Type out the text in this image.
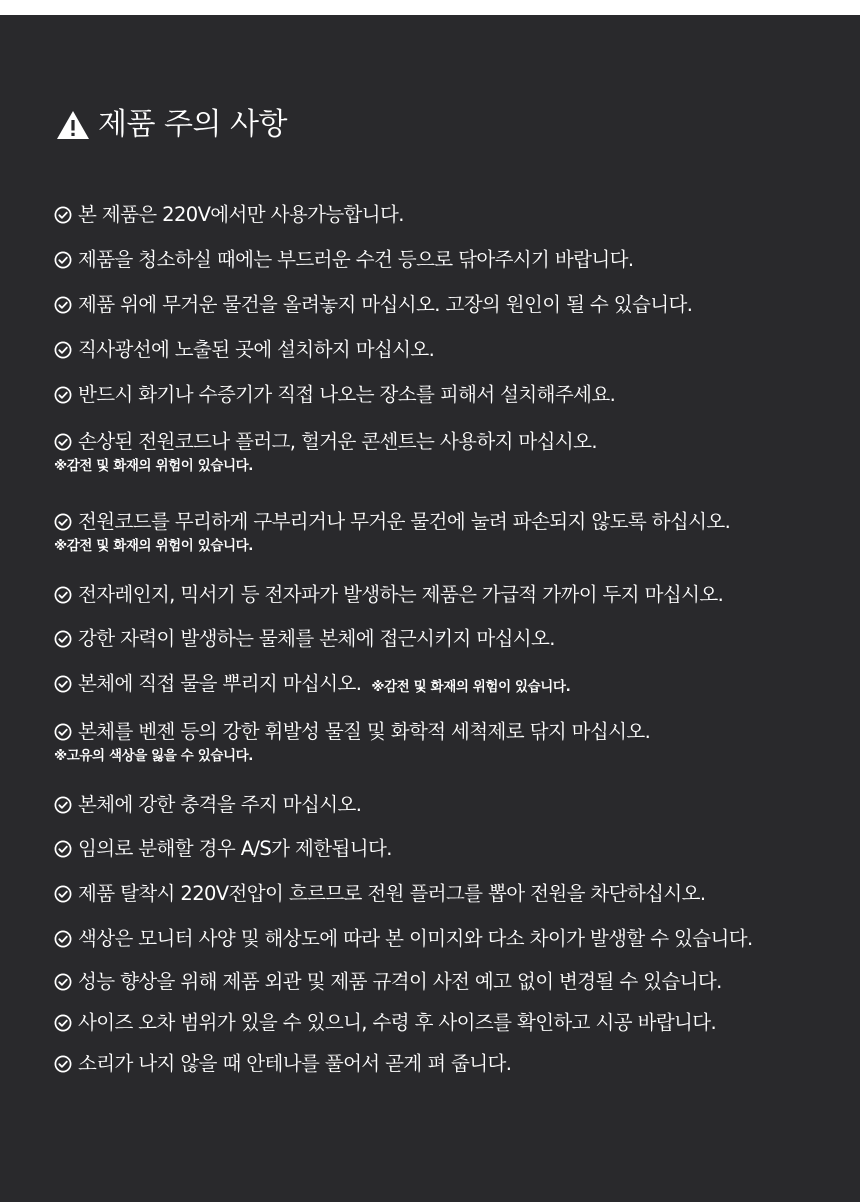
제품 주의 사항
본 제품은 220V에서만 사용가능합니다.
제품을 청소하실 때에는 부드러운 수건 등으로 닦아주시기 바랍니다.
제품 위에 무거운 물건을 올려놓지 마십시오. 고장의 원인이 될 수 있습니다.
직사광선에 노출된 곳에 설치하지 마십시오.
반드시 화기나 수증기가 직접 나오는 장소를 피해서 설치해주세요.
손상된 전원코드나 플러그, 헐거운 콘센트는 사용하지 마십시오.
※감전 및 화재의 위험이 있습니다.
전원코드를 무리하게 구부리거나 무거운 물건에 눌려 파손되지 않도록 하십시오.
※감전 및 화재의 위험이 있습니다.
전자레인지, 믹서기 등 전자파가 발생하는 제품은 가급적 가까이 두지 마십시오.
강한 자력이 발생하는 물체를 본체에 접근시키지 마십시오.
본체에 직접 물을 뿌리지 마십시오. ※감전 및 화재의 위험이 있습니다.
본체를 벤젠 등의 강한 휘발성 물질 및 화학적 세척제로 닦지 마십시오.
※고유의 색상을 잃을 수 있습니다.
본체에 강한 충격을 주지 마십시오.
임의로 분해할 경우 A/S가 제한됩니다.
제품 탈착시 220V전압이 흐르므로 전원 플러그를 뽑아 전원을 차단하십시오.
색상은 모니터 사양 및 해상도에 따라 본 이미지와 다소 차이가 발생할 수 있습니다.
성능 향상을 위해 제품 외관 및 제품 규격이 사전 예고 없이 변경될 수 있습니다.
사이즈 오차 범위가 있을 수 있으니, 수령 후 사이즈를 확인하고 시공 바랍니다.
소리가 나지 않을 때 안테나를 풀어서 곧게 펴 줍니다.
